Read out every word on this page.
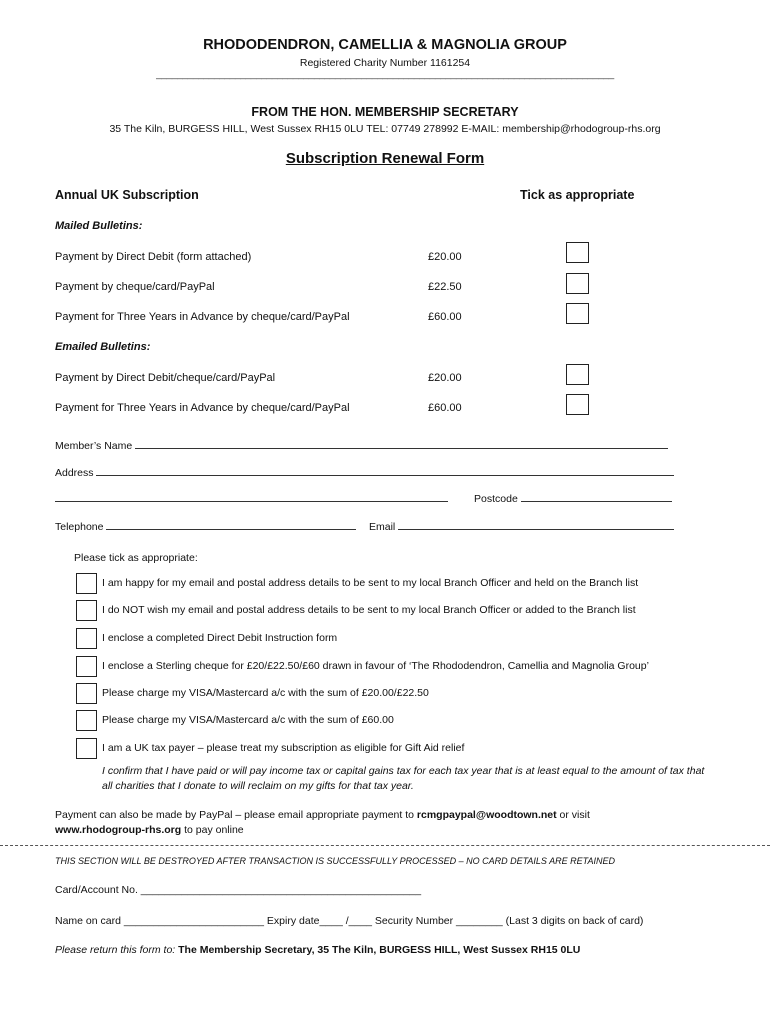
RHODODENDRON, CAMELLIA & MAGNOLIA GROUP
Registered Charity Number 1161254
_______________________________________________________________________________________
FROM THE HON. MEMBERSHIP SECRETARY
35 The Kiln, BURGESS HILL, West Sussex RH15 0LU TEL: 07749 278992 E-MAIL: membership@rhodogroup-rhs.org
Subscription Renewal Form
Annual UK Subscription	Tick as appropriate
Mailed Bulletins:
Payment by Direct Debit (form attached)	£20.00
Payment by cheque/card/PayPal	£22.50
Payment for Three Years in Advance by cheque/card/PayPal	£60.00
Emailed Bulletins:
Payment by Direct Debit/cheque/card/PayPal	£20.00
Payment for Three Years in Advance by cheque/card/PayPal	£60.00
Member’s Name
Address
Postcode
Telephone	Email
Please tick as appropriate:
I am happy for my email and postal address details to be sent to my local Branch Officer and held on the Branch list
I do NOT wish my email and postal address details to be sent to my local Branch Officer or added to the Branch list
I enclose a completed Direct Debit Instruction form
I enclose a Sterling cheque for £20/£22.50/£60 drawn in favour of ‘The Rhododendron, Camellia and Magnolia Group’
Please charge my VISA/Mastercard a/c with the sum of £20.00/£22.50
Please charge my VISA/Mastercard a/c with the sum of £60.00
I am a UK tax payer – please treat my subscription as eligible for Gift Aid relief
I confirm that I have paid or will pay income tax or capital gains tax for each tax year that is at least equal to the amount of tax that all charities that I donate to will reclaim on my gifts for that tax year.
Payment can also be made by PayPal – please email appropriate payment to rcmgpaypal@woodtown.net or visit
www.rhodogroup-rhs.org to pay online
THIS SECTION WILL BE DESTROYED AFTER TRANSACTION IS SUCCESSFULLY PROCESSED – NO CARD DETAILS ARE RETAINED
Card/Account No. ________________________________________________
Name on card ________________________ Expiry date____ /____ Security Number ________ (Last 3 digits on back of card)
Please return this form to: The Membership Secretary, 35 The Kiln, BURGESS HILL, West Sussex RH15 0LU
